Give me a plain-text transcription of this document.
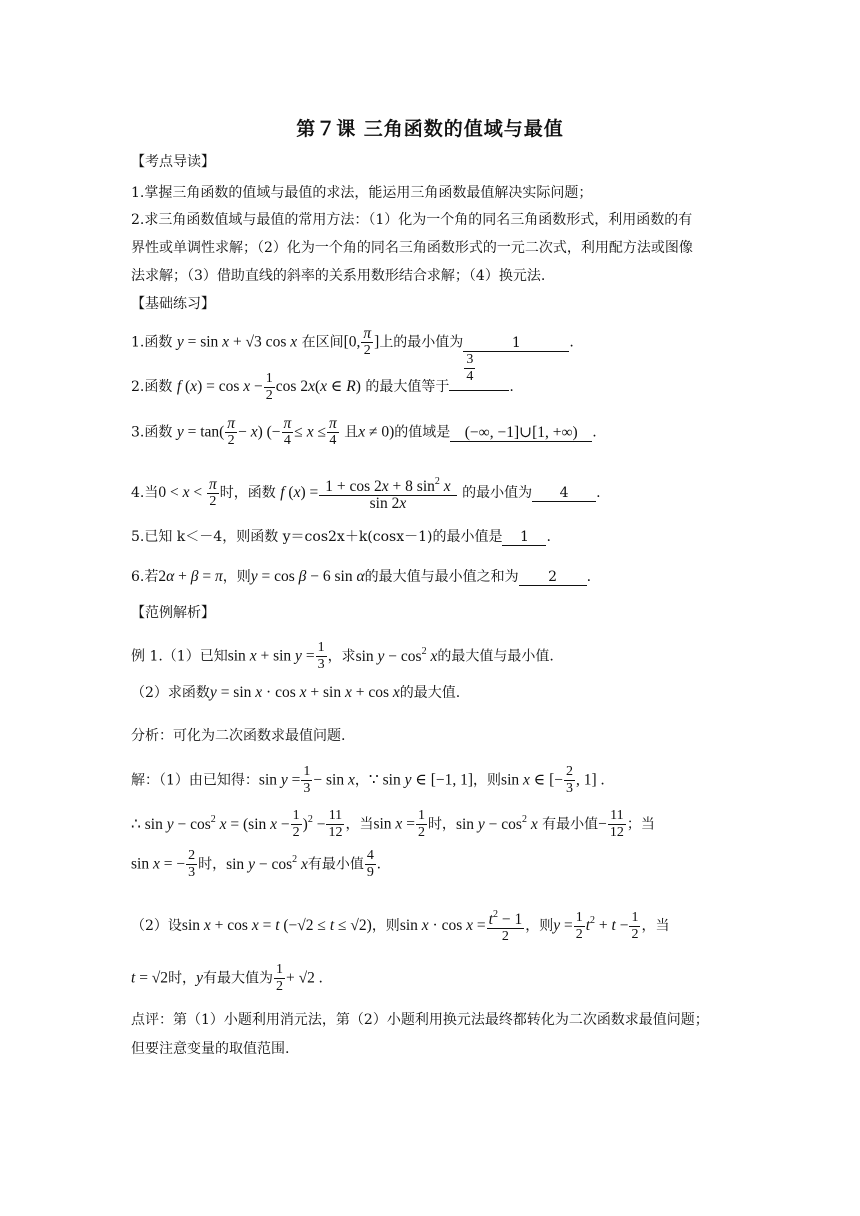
第７课 三角函数的值域与最值
【考点导读】
1.掌握三角函数的值域与最值的求法，能运用三角函数最值解决实际问题；
2.求三角函数值域与最值的常用方法：（1）化为一个角的同名三角函数形式，利用函数的有
界性或单调性求解；（2）化为一个角的同名三角函数形式的一元二次式，利用配方法或图像
法求解；（3）借助直线的斜率的关系用数形结合求解；（4）换元法.
【基础练习】
1.函数 y = sin x + √3 cos x 在区间[0, $\frac{\pi}{2}$ ]上的最小值为	1	.
2.函数 f $(x) = \cos x - \frac{1}{2}$ cos 2x(x ∈ R) 的最大值等于
$\frac{3}{4}$
.
3.函数 $y = \tan( \frac{\pi}{2} - x)$ (− $\frac{\pi}{4} \le x \le \frac{\pi}{4}$ 且x ≠ 0)的值域是 (−∞, −1]∪[1, +∞) .
4.当$0 < x < \frac{\pi}{2}$ 时，函数 f $(x) = \frac{1 + \cos 2x + 8 \sin^2 x}{\sin 2x}$ 的最小值为 4 .
5.已知 k＜－4，则函数 y＝cos2x＋k(cosx－1)的最小值是 1 .
6.若2α + β = π，则y = cos β − 6 sin α的最大值与最小值之和为 2 .
【范例解析】
例 1.（1）已知$\sin x + \sin y = \frac{1}{3}$ ，求$\sin y - \cos^2 x$的最大值与最小值.
（2）求函数y = sin x · cos x + sin x + cos x的最大值.
分析：可化为二次函数求最值问题.
解：（1）由已知得：$\sin y = \frac{1}{3} - \sin x$，∵ sin y ∈ [−1, 1]，则sin x ∈ [− $\frac{2}{3}$ , 1] .
∴ $\sin y - \cos^2 x = (\sin$ $x - \frac{1}{2} )^2 - \frac{11}{12}$ ，当$\sin x = \frac{1}{2}$ 时，$\sin y - \cos^2 x$ 有最小值− $\frac{11}{12}$ ；当
sin x = − $\frac{2}{3}$ 时，$\sin y - \cos^2 x$有最小值 $\frac{4}{9}$ .
（2）设sin x + cos x = t (−√2 ≤ t ≤ √2)，则$\sin x \cdot \cos x = \frac{t^2 - 1}{2}$ ，则$y = \frac{1}{2} t^2 + t - \frac{1}{2}$ ，当
t = √2时，y有最大值为 $\frac{1}{2} + √2$ .
点评：第（1）小题利用消元法，第（2）小题利用换元法最终都转化为二次函数求最值问题；
但要注意变量的取值范围.
